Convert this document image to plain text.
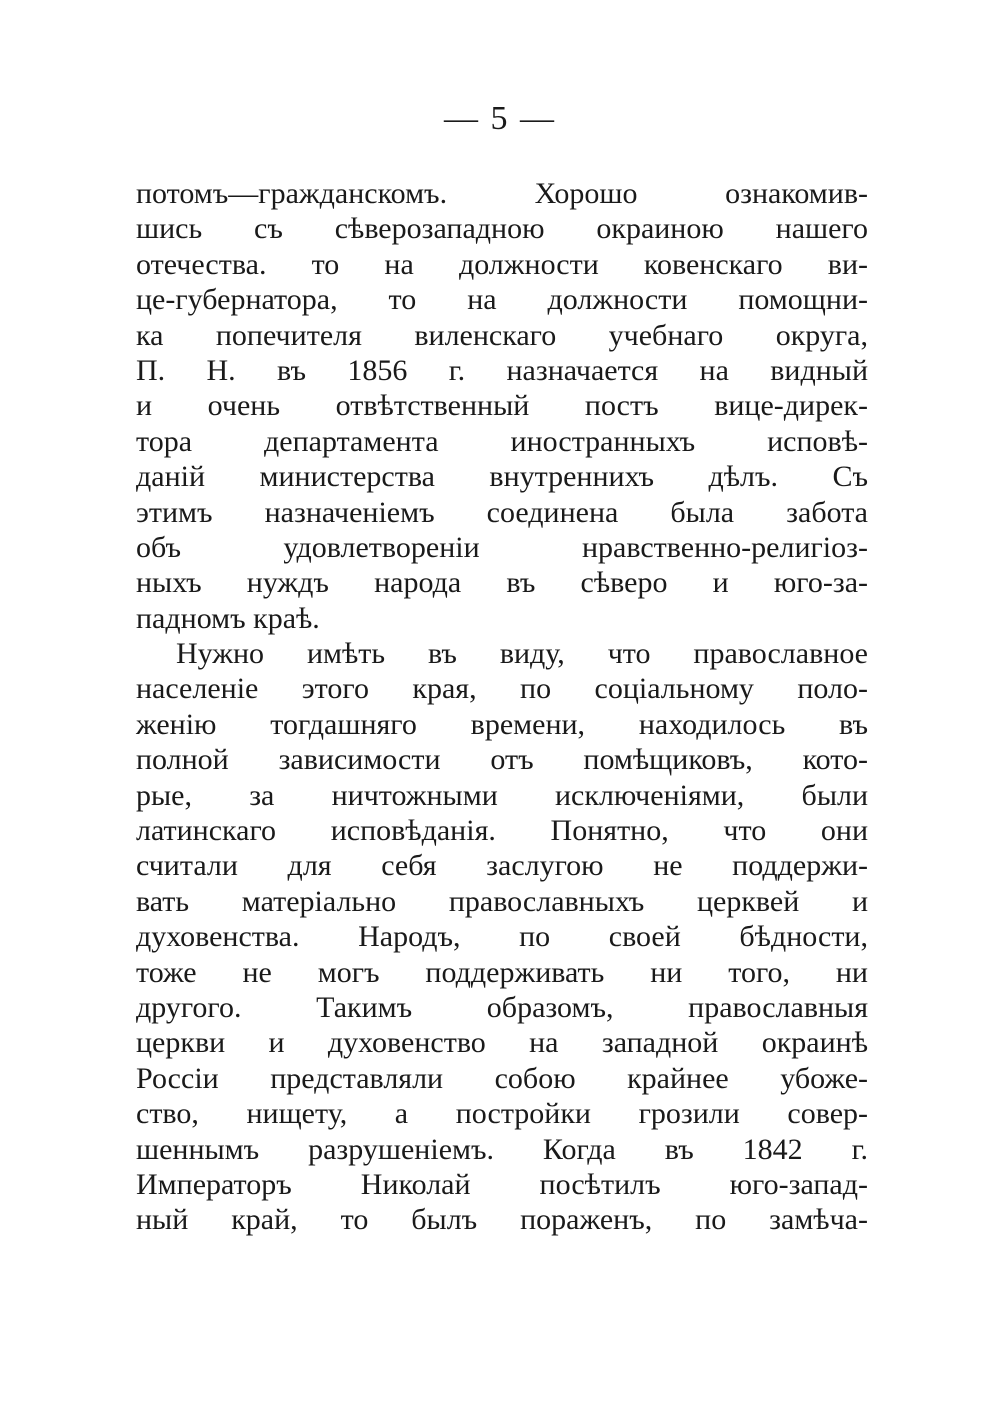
— 5 —
потомъ—гражданскомъ. Хорошо ознакомив-
шись съ сѣверозападною окраиною нашего
отечества. то на должности ковенскаго ви-
це-губернатора, то на должности помощни-
ка попечителя виленскаго учебнаго округа,
П. Н. въ 1856 г. назначается на видный
и очень отвѣтственный постъ вице-дирек-
тора департамента иностранныхъ исповѣ-
даній министерства внутреннихъ дѣлъ. Съ
этимъ назначеніемъ соединена была забота
объ удовлетвореніи нравственно-религіоз-
ныхъ нуждъ народа въ сѣверо и юго-за-
падномъ краѣ.
Нужно имѣть въ виду, что православное
населеніе этого края, по соціальному поло-
женію тогдашняго времени, находилось въ
полной зависимости отъ помѣщиковъ, кото-
рые, за ничтожными исключеніями, были
латинскаго исповѣданія. Понятно, что они
считали для себя заслугою не поддержи-
вать матеріально православныхъ церквей и
духовенства. Народъ, по своей бѣдности,
тоже не могъ поддерживать ни того, ни
другого. Такимъ образомъ, православныя
церкви и духовенство на западной окраинѣ
Россіи представляли собою крайнее убоже-
ство, нищету, а постройки грозили совер-
шеннымъ разрушеніемъ. Когда въ 1842 г.
Императоръ Николай посѣтилъ юго-запад-
ный край, то былъ пораженъ, по замѣча-
